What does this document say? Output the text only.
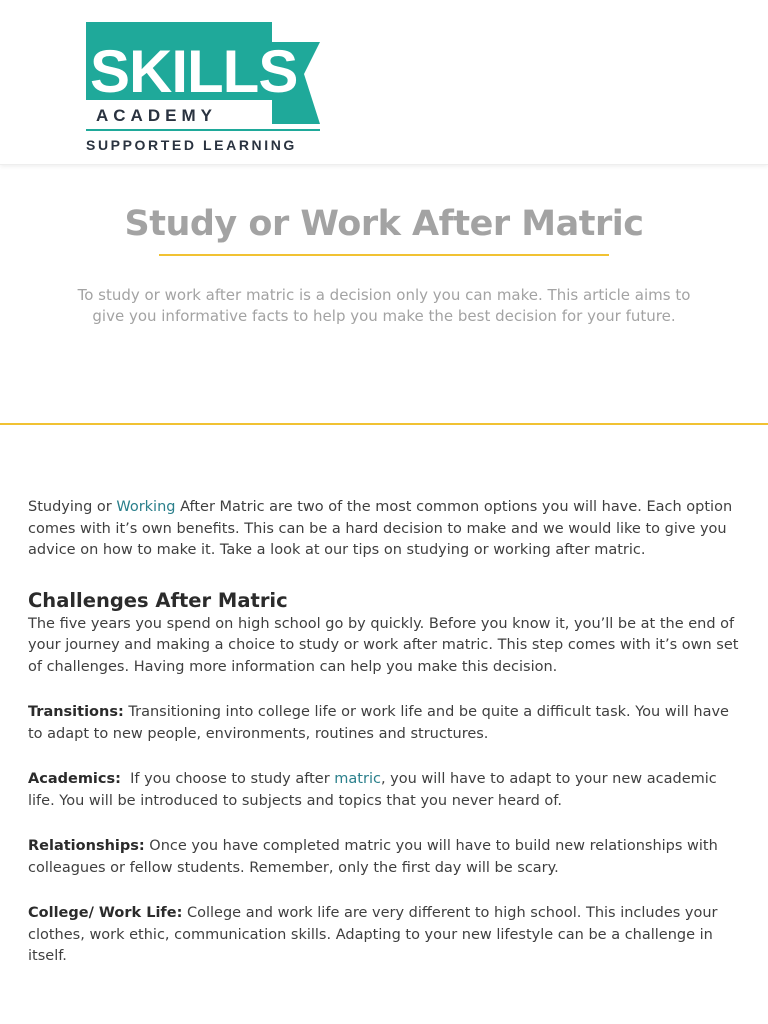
SKILLS
ACADEMY
SUPPORTED LEARNING
Study or Work After Matric

To study or work after matric is a decision only you can make. This article aims to
give you informative facts to help you make the best decision for your future.

Studying or Working After Matric are two of the most common options you will have. Each option comes with it’s own benefits. This can be a hard decision to make and we would like to give you advice on how to make it. Take a look at our tips on studying or working after matric.

Challenges After Matric

The five years you spend on high school go by quickly. Before you know it, you’ll be at the end of your journey and making a choice to study or work after matric. This step comes with it’s own set of challenges. Having more information can help you make this decision.

Transitions: Transitioning into college life or work life and be quite a difficult task. You will have to adapt to new people, environments, routines and structures.

Academics:  If you choose to study after matric, you will have to adapt to your new academic life. You will be introduced to subjects and topics that you never heard of.

Relationships: Once you have completed matric you will have to build new relationships with colleagues or fellow students. Remember, only the first day will be scary.

College/ Work Life: College and work life are very different to high school. This includes your clothes, work ethic, communication skills. Adapting to your new lifestyle can be a challenge in itself.
